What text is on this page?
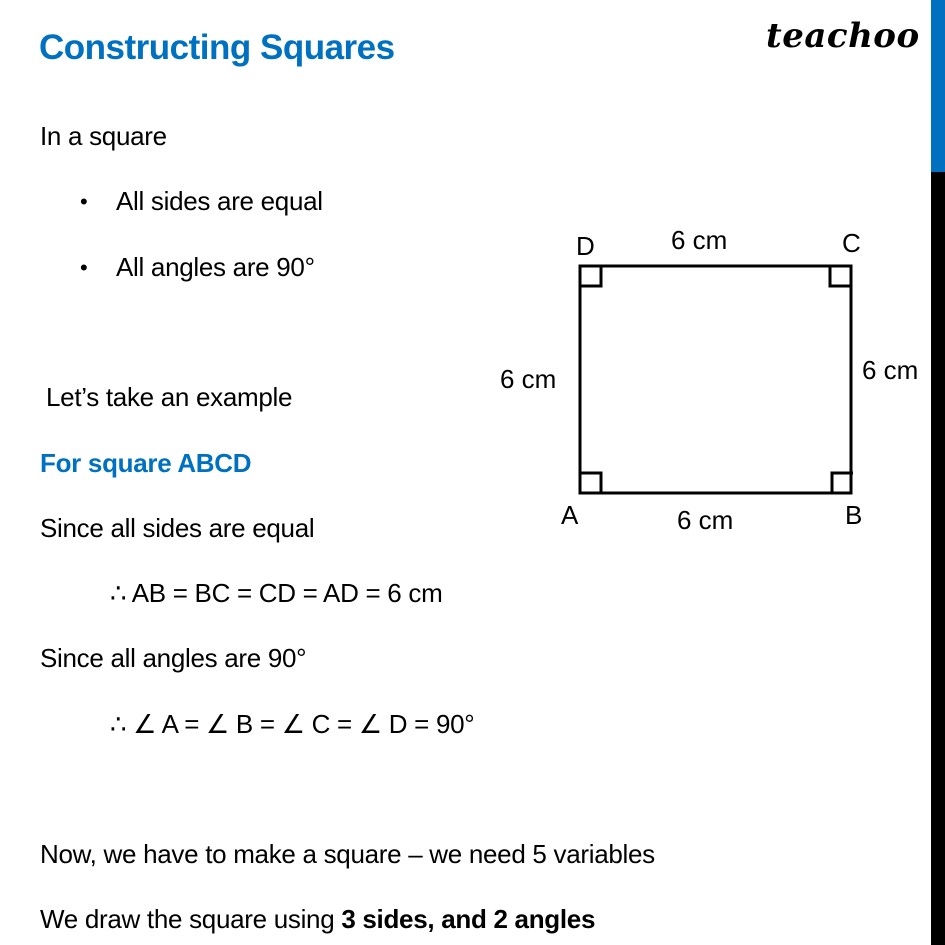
Constructing Squares	teachoo
In a square
• All sides are equal
• All angles are 90°
Let’s take an example
For square ABCD
Since all sides are equal
∴ AB = BC = CD = AD = 6 cm
Since all angles are 90°
∴ ∠ A = ∠ B = ∠ C = ∠ D = 90°
Now, we have to make a square – we need 5 variables
We draw the square using 3 sides, and 2 angles
D	C
A	B
6 cm
6 cm
6 cm	6 cm
